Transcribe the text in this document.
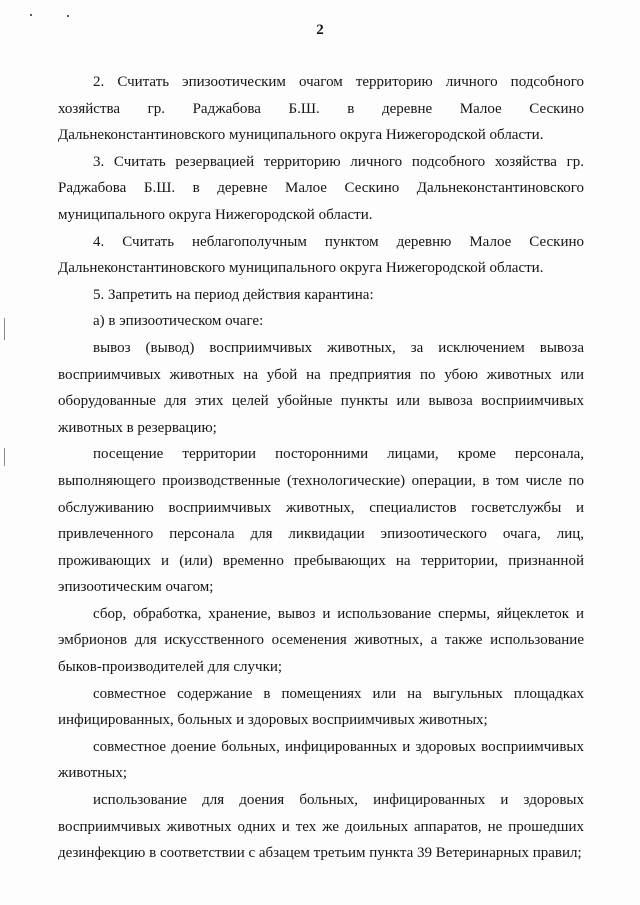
2
2. Считать эпизоотическим очагом территорию личного подсобного
хозяйства гр. Раджабова Б.Ш. в деревне Малое Сескино
Дальнеконстантиновского муниципального округа Нижегородской области.
3. Считать резервацией территорию личного подсобного хозяйства гр.
Раджабова Б.Ш. в деревне Малое Сескино Дальнеконстантиновского
муниципального округа Нижегородской области.
4. Считать неблагополучным пунктом деревню Малое Сескино
Дальнеконстантиновского муниципального округа Нижегородской области.
5. Запретить на период действия карантина:
а) в эпизоотическом очаге:
вывоз (вывод) восприимчивых животных, за исключением вывоза
восприимчивых животных на убой на предприятия по убою животных или
оборудованные для этих целей убойные пункты или вывоза восприимчивых
животных в резервацию;
посещение территории посторонними лицами, кроме персонала,
выполняющего производственные (технологические) операции, в том числе по
обслуживанию восприимчивых животных, специалистов госветслужбы и
привлеченного персонала для ликвидации эпизоотического очага, лиц,
проживающих и (или) временно пребывающих на территории, признанной
эпизоотическим очагом;
сбор, обработка, хранение, вывоз и использование спермы, яйцеклеток и
эмбрионов для искусственного осеменения животных, а также использование
быков-производителей для случки;
совместное содержание в помещениях или на выгульных площадках
инфицированных, больных и здоровых восприимчивых животных;
совместное доение больных, инфицированных и здоровых восприимчивых
животных;
использование для доения больных, инфицированных и здоровых
восприимчивых животных одних и тех же доильных аппаратов, не прошедших
дезинфекцию в соответствии с абзацем третьим пункта 39 Ветеринарных правил;
